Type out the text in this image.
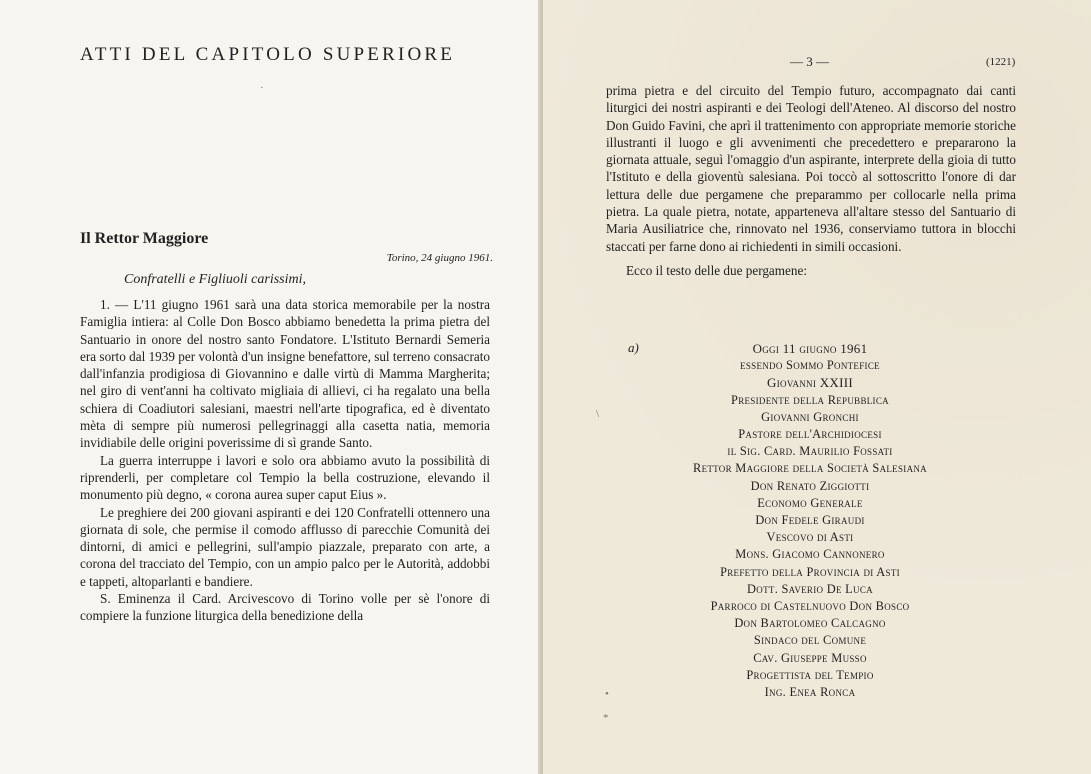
ATTI DEL CAPITOLO SUPERIORE
Il Rettor Maggiore
Torino, 24 giugno 1961.
Confratelli e Figliuoli carissimi,

1. — L'11 giugno 1961 sarà una data storica memorabile per la nostra Famiglia intiera: al Colle Don Bosco abbiamo benedetta la prima pietra del Santuario in onore del nostro santo Fondatore. L'Istituto Bernardi Semeria era sorto dal 1939 per volontà d'un insigne benefattore, sul terreno consacrato dall'infanzia prodigiosa di Giovannino e dalle virtù di Mamma Margherita; nel giro di vent'anni ha coltivato migliaia di allievi, ci ha regalato una bella schiera di Coadiutori salesiani, maestri nell'arte tipografica, ed è diventato mèta di sempre più numerosi pellegrinaggi alla casetta natia, memoria invidiabile delle origini poverissime di sì grande Santo.

La guerra interruppe i lavori e solo ora abbiamo avuto la possibilità di riprenderli, per completare col Tempio la bella costruzione, elevando il monumento più degno, « corona aurea super caput Eius ».

Le preghiere dei 200 giovani aspiranti e dei 120 Confratelli ottennero una giornata di sole, che permise il comodo afflusso di parecchie Comunità dei dintorni, di amici e pellegrini, sull'ampio piazzale, preparato con arte, a corona del tracciato del Tempio, con un ampio palco per le Autorità, addobbi e tappeti, altoparlanti e bandiere.

S. Eminenza il Card. Arcivescovo di Torino volle per sè l'onore di compiere la funzione liturgica della benedizione della

— 3 —	(1221)

prima pietra e del circuito del Tempio futuro, accompagnato dai canti liturgici dei nostri aspiranti e dei Teologi dell'Ateneo. Al discorso del nostro Don Guido Favini, che aprì il trattenimento con appropriate memorie storiche illustranti il luogo e gli avvenimenti che precedettero e prepararono la giornata attuale, seguì l'omaggio d'un aspirante, interprete della gioia di tutto l'Istituto e della gioventù salesiana. Poi toccò al sottoscritto l'onore di dar lettura delle due pergamene che preparammo per collocarle nella prima pietra. La quale pietra, notate, apparteneva all'altare stesso del Santuario di Maria Ausiliatrice che, rinnovato nel 1936, conserviamo tuttora in blocchi staccati per farne dono ai richiedenti in simili occasioni.

Ecco il testo delle due pergamene:

a)	Oggi 11 giugno 1961
essendo Sommo Pontefice
Giovanni XXIII
Presidente della Repubblica
Giovanni Gronchi
Pastore dell'Archidiocesi
il Sig. Card. Maurilio Fossati
Rettor Maggiore della Società Salesiana
Don Renato Ziggiotti
Economo Generale
Don Fedele Giraudi
Vescovo di Asti
Mons. Giacomo Cannonero
Prefetto della Provincia di Asti
Dott. Saverio De Luca
Parroco di Castelnuovo Don Bosco
Don Bartolomeo Calcagno
Sindaco del Comune
Cav. Giuseppe Musso
Progettista del Tempio
Ing. Enea Ronca
·
•
*
\
